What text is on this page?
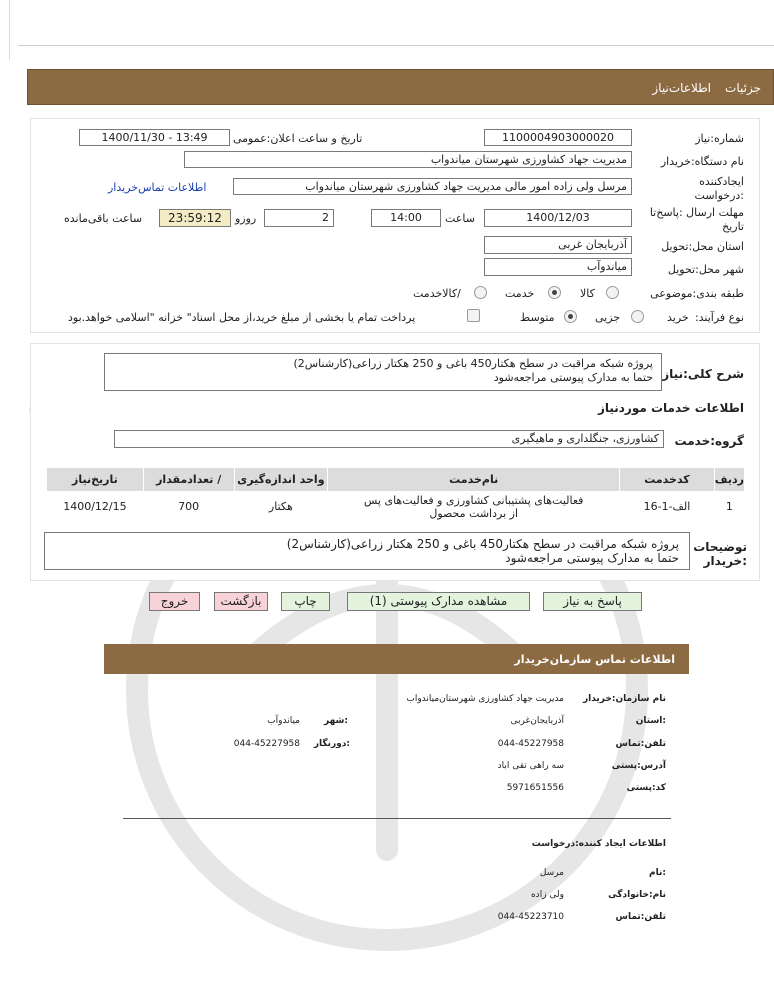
جزئیات
اطلاعات‌نیاز
شماره:نیاز
1100004903000020
تاریخ و ساعت اعلان:عمومی
1400/11/30 - 13:49
نام دستگاه:خریدار
مدیریت جهاد کشاورزی شهرستان میاندواب
ایجادکننده
:درخواست
مرسل ولی زاده امور مالی مدیریت جهاد کشاورزی شهرستان میاندواب
اطلاعات تماس‌خریدار
مهلت ارسال :پاسخ‌تا
تاریخ
1400/12/03
ساعت
14:00
2
روزو
23:59:12
ساعت باقی‌مانده
استان محل:تحویل
آذربایجان غربی
شهر محل:تحویل
میاندوآب
طبقه بندی:موضوعی
کالا
خدمت
/کالاخدمت
نوع فرآیند:
خرید
جزیی
متوسط
پرداخت تمام یا بخشی از مبلغ خرید،از محل اسناد" خزانه "اسلامی خواهد.بود
شرح کلی:نیاز
پروژه شبکه مراقبت در سطح هکتار450 باغی و 250 هکتار زراعی(کارشناس2)
حتما به مدارک پیوستی مراجعه‌شود
اطلاعات خدمات موردنیاز
گروه:خدمت
کشاورزی، جنگلداری و ماهیگیری
ردیف	کدخدمت	نام‌خدمت	واحد اندازه‌گیری	/ تعدادمقدار	تاریخ‌نیاز
1	الف-1-16	فعالیت‌های پشتیبانی کشاورزی و فعالیت‌های پس
از برداشت محصول	هکتار	700	1400/12/15
توضیحات
:خریدار
پروژه شبکه مراقبت در سطح هکتار450 باغی و 250 هکتار زراعی(کارشناس2)
حتما به مدارک پیوستی مراجعه‌شود
پاسخ به نیاز
مشاهده مدارک پیوستی (1)
چاپ
بازگشت
خروج
اطلاعات تماس سازمان‌خریدار
نام سازمان:خریدار
مدیریت جهاد کشاورزی شهرستان‌میاندواب
:استان
آذربایجان‌غربی
:شهر
میاندوآب
تلفن:تماس
044-45227958
:دورنگار
044-45227958
آدرس:پستی
سه راهی تقی اباد
کد:پستی
5971651556
اطلاعات ایجاد کننده:درخواست
:نام
مرسل
نام:خانوادگی
ولی زاده
تلفن:تماس
044-45223710
